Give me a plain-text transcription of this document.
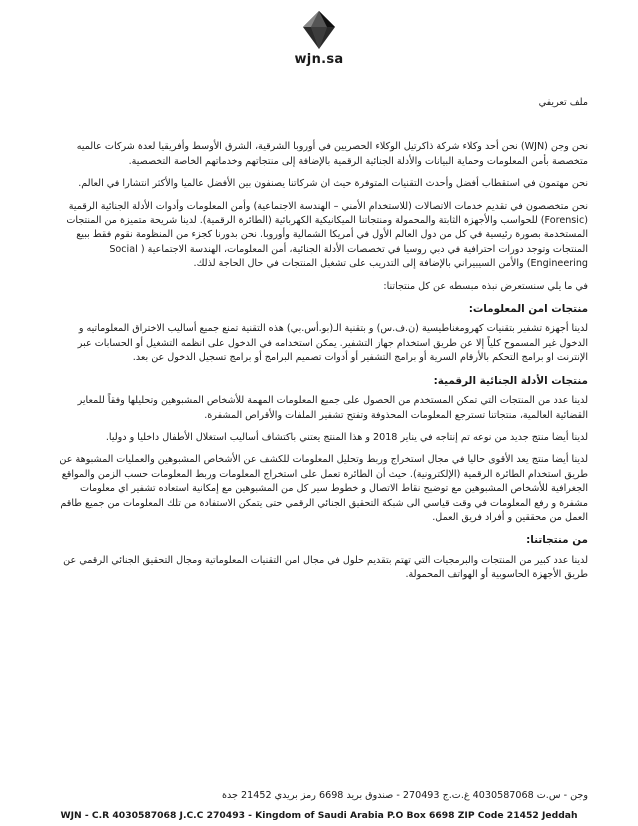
wjn.sa

ملف تعريفي

نحن وجن (WJN) نحن أحد وكلاء شركة ذاكرتيل الوكلاء الحصريين في أوروبا الشرقية، الشرق الأوسط وأفريقيا لعدة شركات عالميه متخصصة بأمن المعلومات وحماية البيانات والأدلة الجنائية الرقمية بالإضافة إلى منتجاتهم وخدماتهم الخاصة التخصصية.

نحن مهتمون في استقطاب أفضل وأحدث التقنيات المتوفرة حيث ان شركاتنا يصنفون بين الأفضل عالميا والأكثر انتشارا في العالم.

نحن متخصصون في تقديم خدمات الاتصالات (للاستخدام الأمني – الهندسة الاجتماعية) وأمن المعلومات وأدوات الأدلة الجنائية الرقمية (Forensic) للحواسب والأجهزة الثابتة والمحمولة ومنتجاتنا الميكانيكية الكهربائية (الطائرة الرقمية). لدينا شريحة متميزة من المنتجات المستخدمة بصورة رئيسية في كل من دول العالم الأول في أمريكا الشمالية وأوروبا. نحن بدورنا كجزء من المنظومة نقوم فقط ببيع المنتجات وتوجد دورات احترافية في دبي روسيا في تخصصات الأدلة الجنائية، أمن المعلومات، الهندسة الاجتماعية ( Social Engineering) والأمن السيبيراني بالإضافة إلى التدريب على تشغيل المنتجات في حال الحاجة لذلك.

في ما يلي سنستعرض نبذه مبسطه عن كل منتجاتنا:

منتجات امن المعلومات:

لدينا أجهزة تشفير بتقنيات كهرومغناطيسية (ن.ف.س) و بتقنية الـ(بو.أس.بي) هذه التقنية تمنع جميع أساليب الاختراق المعلوماتيه و الدخول غير المسموح كلياً إلا عن طريق استخدام جهاز التشفير. يمكن استخدامه في الدخول على انظمه التشغيل أو الحسابات عبر الإنترنت او برامج التحكم بالأرقام السرية أو برامج التشفير أو أدوات تصميم البرامج أو برامج تسجيل الدخول عن بعد.

منتجات الأدلة الجنائية الرقمية:

لدينا عدد من المنتجات التي تمكن المستخدم من الحصول على جميع المعلومات المهمة للأشخاص المشبوهين وتحليلها وفقاً للمعاير القضائية العالمية، منتجاتنا تسترجع المعلومات المحذوفة وتفتح تشفير الملفات والأقراص المشفرة.

لدينا أيضا منتج جديد من نوعه تم إنتاجه في يناير 2018 و هذا المنتج يعتني باكتشاف أساليب استغلال الأطفال داخليا و دوليا.

لدينا أيضا منتج يعد الأقوى حاليا في مجال استخراج وربط وتحليل المعلومات للكشف عن الأشخاص المشبوهين والعمليات المشبوهة عن طريق استخدام الطائرة الرقمية (الإلكترونية). حيث أن الطائرة تعمل على استخراج المعلومات وربط المعلومات حسب الزمن والمواقع الجغرافية للأشخاص المشبوهين مع توضيح نقاط الاتصال و خطوط سير كل من المشبوهين مع إمكانية استعاده تشفير اي معلومات مشفرة و رفع المعلومات في وقت قياسي الى شبكة التحقيق الجنائي الرقمي حتى يتمكن الاستفادة من تلك المعلومات من جميع طاقم العمل من محققين و أفراد فريق العمل.

من منتجاتنا:

لدينا عدد كبير من المنتجات والبرمجيات التي تهتم بتقديم حلول في مجال امن التقنيات المعلوماتية ومجال التحقيق الجنائي الرقمي عن طريق الأجهزة الحاسوبية أو الهواتف المحمولة.

وجن - س.ت 4030587068 غ.ت.ج 270493 - صندوق بريد 6698 رمز بريدي 21452 جدة
WJN - C.R 4030587068 J.C.C 270493 - Kingdom of Saudi Arabia P.O Box 6698 ZIP Code 21452 Jeddah
